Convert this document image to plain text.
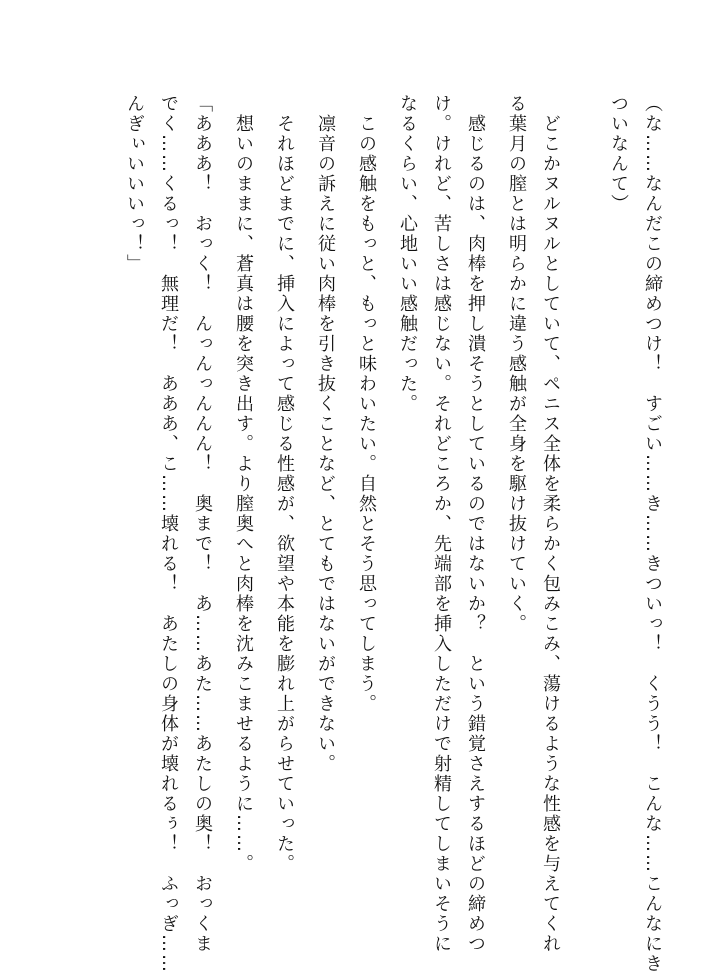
（な……なんだこの締めつけ！　すごい……き……きついっ！　くうう！　こんな……こんなにき
ついなんて）
　どこかヌルヌルとしていて、ペニス全体を柔らかく包みこみ、蕩けるような性感を与えてくれ
る葉月の膣とは明らかに違う感触が全身を駆け抜けていく。
　感じるのは、肉棒を押し潰そうとしているのではないか？　という錯覚さえするほどの締めつ
け。けれど、苦しさは感じない。それどころか、先端部を挿入しただけで射精してしまいそうに
なるくらい、心地いい感触だった。
　この感触をもっと、もっと味わいたい。自然とそう思ってしまう。
　凛音の訴えに従い肉棒を引き抜くことなど、とてもではないができない。
　それほどまでに、挿入によって感じる性感が、欲望や本能を膨れ上がらせていった。
　想いのままに、蒼真は腰を突き出す。より膣奥へと肉棒を沈みこませるように……。
「あああ！　おっく！　んっんっんんん！　奥まで！　あ……あた……あたしの奥！　おっくま
でく……くるっ！　無理だ！　あああ、こ……壊れる！　あたしの身体が壊れるぅ！　ふっぎ……
んぎぃいいいっ！」
